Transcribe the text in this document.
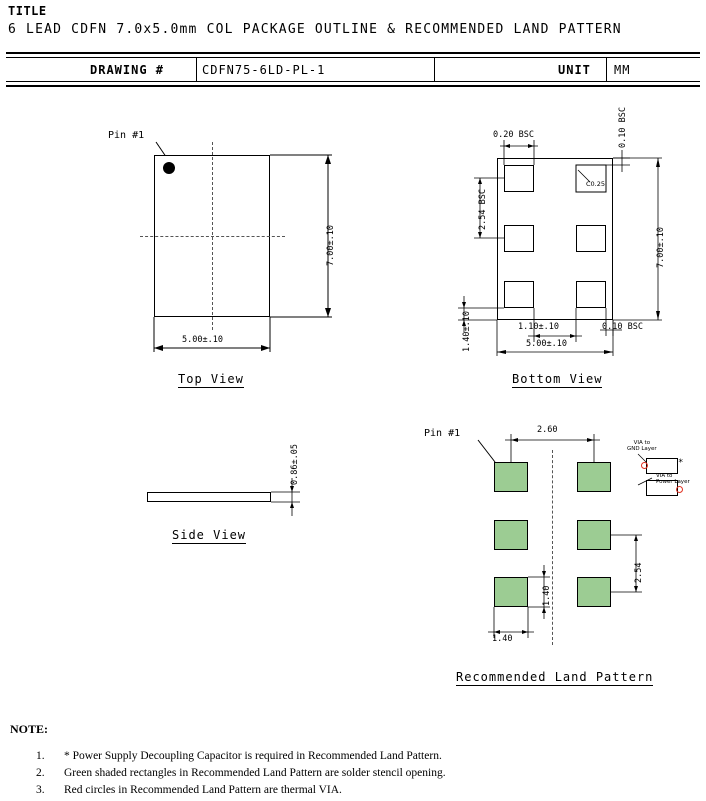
TITLE
6 LEAD CDFN 7.0x5.0mm COL PACKAGE OUTLINE & RECOMMENDED LAND PATTERN
DRAWING #	CDFN75-6LD-PL-1	UNIT MM
Pin #1
7.00±.10
5.00±.10
Top View
C0.25
0.20 BSC	0.10 BSC
2.54 BSC
1.40±.10	1.10±.10	0.10 BSC
7.00±.10
5.00±.10
Bottom View
0.86±.05
Side View
Pin #1	2.60
2.54
1.40
1.40
VIA to
GND Layer
*
VIA to
Power Layer
Recommended Land Pattern
NOTE:
1. * Power Supply Decoupling Capacitor is required in Recommended Land Pattern.
2. Green shaded rectangles in Recommended Land Pattern are solder stencil opening.
3. Red circles in Recommended Land Pattern are thermal VIA.
